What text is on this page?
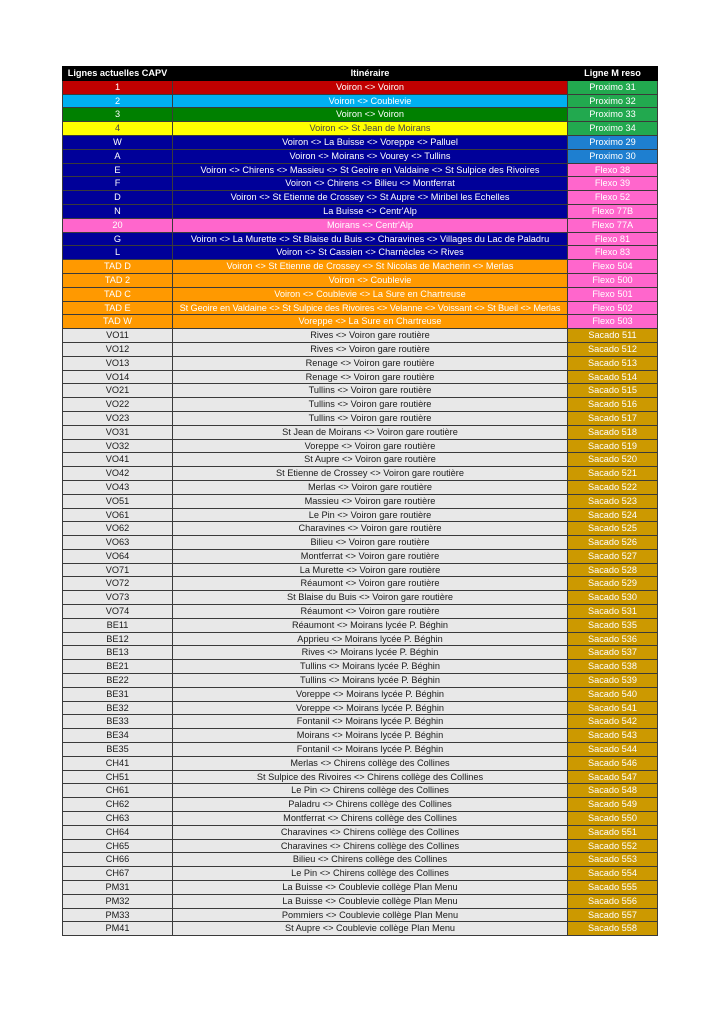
Lignes actuelles CAPV	Itinéraire	Ligne M reso
1	Voiron <> Voiron	Proximo 31
2	Voiron <> Coublevie	Proximo 32
3	Voiron <> Voiron	Proximo 33
4	Voiron <> St Jean de Moirans	Proximo 34
W	Voiron <> La Buisse <> Voreppe <> Palluel	Proximo 29
A	Voiron <> Moirans <> Vourey <> Tullins	Proximo 30
E	Voiron <> Chirens <> Massieu <> St Geoire en Valdaine <> St Sulpice des Rivoires	Flexo 38
F	Voiron <> Chirens <> Bilieu <> Montferrat	Flexo 39
D	Voiron <> St Etienne de Crossey <> St Aupre <> Miribel les Echelles	Flexo 52
N	La Buisse <> Centr'Alp	Flexo 77B
20	Moirans <> Centr'Alp	Flexo 77A
G	Voiron <> La Murette <> St Blaise du Buis <> Charavines <> Villages du Lac de Paladru	Flexo 81
L	Voiron <> St Cassien <> Charnècles <> Rives	Flexo 83
TAD D	Voiron <> St Etienne de Crossey <> St Nicolas de Macherin <> Merlas	Flexo 504
TAD 2	Voiron <> Coublevie	Flexo 500
TAD C	Voiron <> Coublevie <> La Sure en Chartreuse	Flexo 501
TAD E	St Geoire en Valdaine <> St Sulpice des Rivoires <> Velanne <> Voissant <> St Bueil <> Merlas	Flexo 502
TAD W	Voreppe <> La Sure en Chartreuse	Flexo 503
VO11	Rives <> Voiron gare routière	Sacado 511
VO12	Rives <> Voiron gare routière	Sacado 512
VO13	Renage <> Voiron gare routière	Sacado 513
VO14	Renage <> Voiron gare routière	Sacado 514
VO21	Tullins <> Voiron gare routière	Sacado 515
VO22	Tullins <> Voiron gare routière	Sacado 516
VO23	Tullins <> Voiron gare routière	Sacado 517
VO31	St Jean de Moirans <> Voiron gare routière	Sacado 518
VO32	Voreppe <> Voiron gare routière	Sacado 519
VO41	St Aupre <> Voiron gare routière	Sacado 520
VO42	St Etienne de Crossey <> Voiron gare routière	Sacado 521
VO43	Merlas <> Voiron gare routière	Sacado 522
VO51	Massieu <> Voiron gare routière	Sacado 523
VO61	Le Pin <> Voiron gare routière	Sacado 524
VO62	Charavines <> Voiron gare routière	Sacado 525
VO63	Bilieu <> Voiron gare routière	Sacado 526
VO64	Montferrat <> Voiron gare routière	Sacado 527
VO71	La Murette <> Voiron gare routière	Sacado 528
VO72	Réaumont <> Voiron gare routière	Sacado 529
VO73	St Blaise du Buis <> Voiron gare routière	Sacado 530
VO74	Réaumont <> Voiron gare routière	Sacado 531
BE11	Réaumont <> Moirans lycée P. Béghin	Sacado 535
BE12	Apprieu <> Moirans lycée P. Béghin	Sacado 536
BE13	Rives <> Moirans lycée P. Béghin	Sacado 537
BE21	Tullins <> Moirans lycée P. Béghin	Sacado 538
BE22	Tullins <> Moirans lycée P. Béghin	Sacado 539
BE31	Voreppe <> Moirans lycée P. Béghin	Sacado 540
BE32	Voreppe <> Moirans lycée P. Béghin	Sacado 541
BE33	Fontanil <> Moirans lycée P. Béghin	Sacado 542
BE34	Moirans <> Moirans lycée P. Béghin	Sacado 543
BE35	Fontanil <> Moirans lycée P. Béghin	Sacado 544
CH41	Merlas <> Chirens collège des Collines	Sacado 546
CH51	St Sulpice des Rivoires <> Chirens collège des Collines	Sacado 547
CH61	Le Pin <> Chirens collège des Collines	Sacado 548
CH62	Paladru <> Chirens collège des Collines	Sacado 549
CH63	Montferrat <> Chirens collège des Collines	Sacado 550
CH64	Charavines <> Chirens collège des Collines	Sacado 551
CH65	Charavines <> Chirens collège des Collines	Sacado 552
CH66	Bilieu <> Chirens collège des Collines	Sacado 553
CH67	Le Pin <> Chirens collège des Collines	Sacado 554
PM31	La Buisse <> Coublevie collège Plan Menu	Sacado 555
PM32	La Buisse <> Coublevie collège Plan Menu	Sacado 556
PM33	Pommiers <> Coublevie collège Plan Menu	Sacado 557
PM41	St Aupre <> Coublevie collège Plan Menu	Sacado 558
